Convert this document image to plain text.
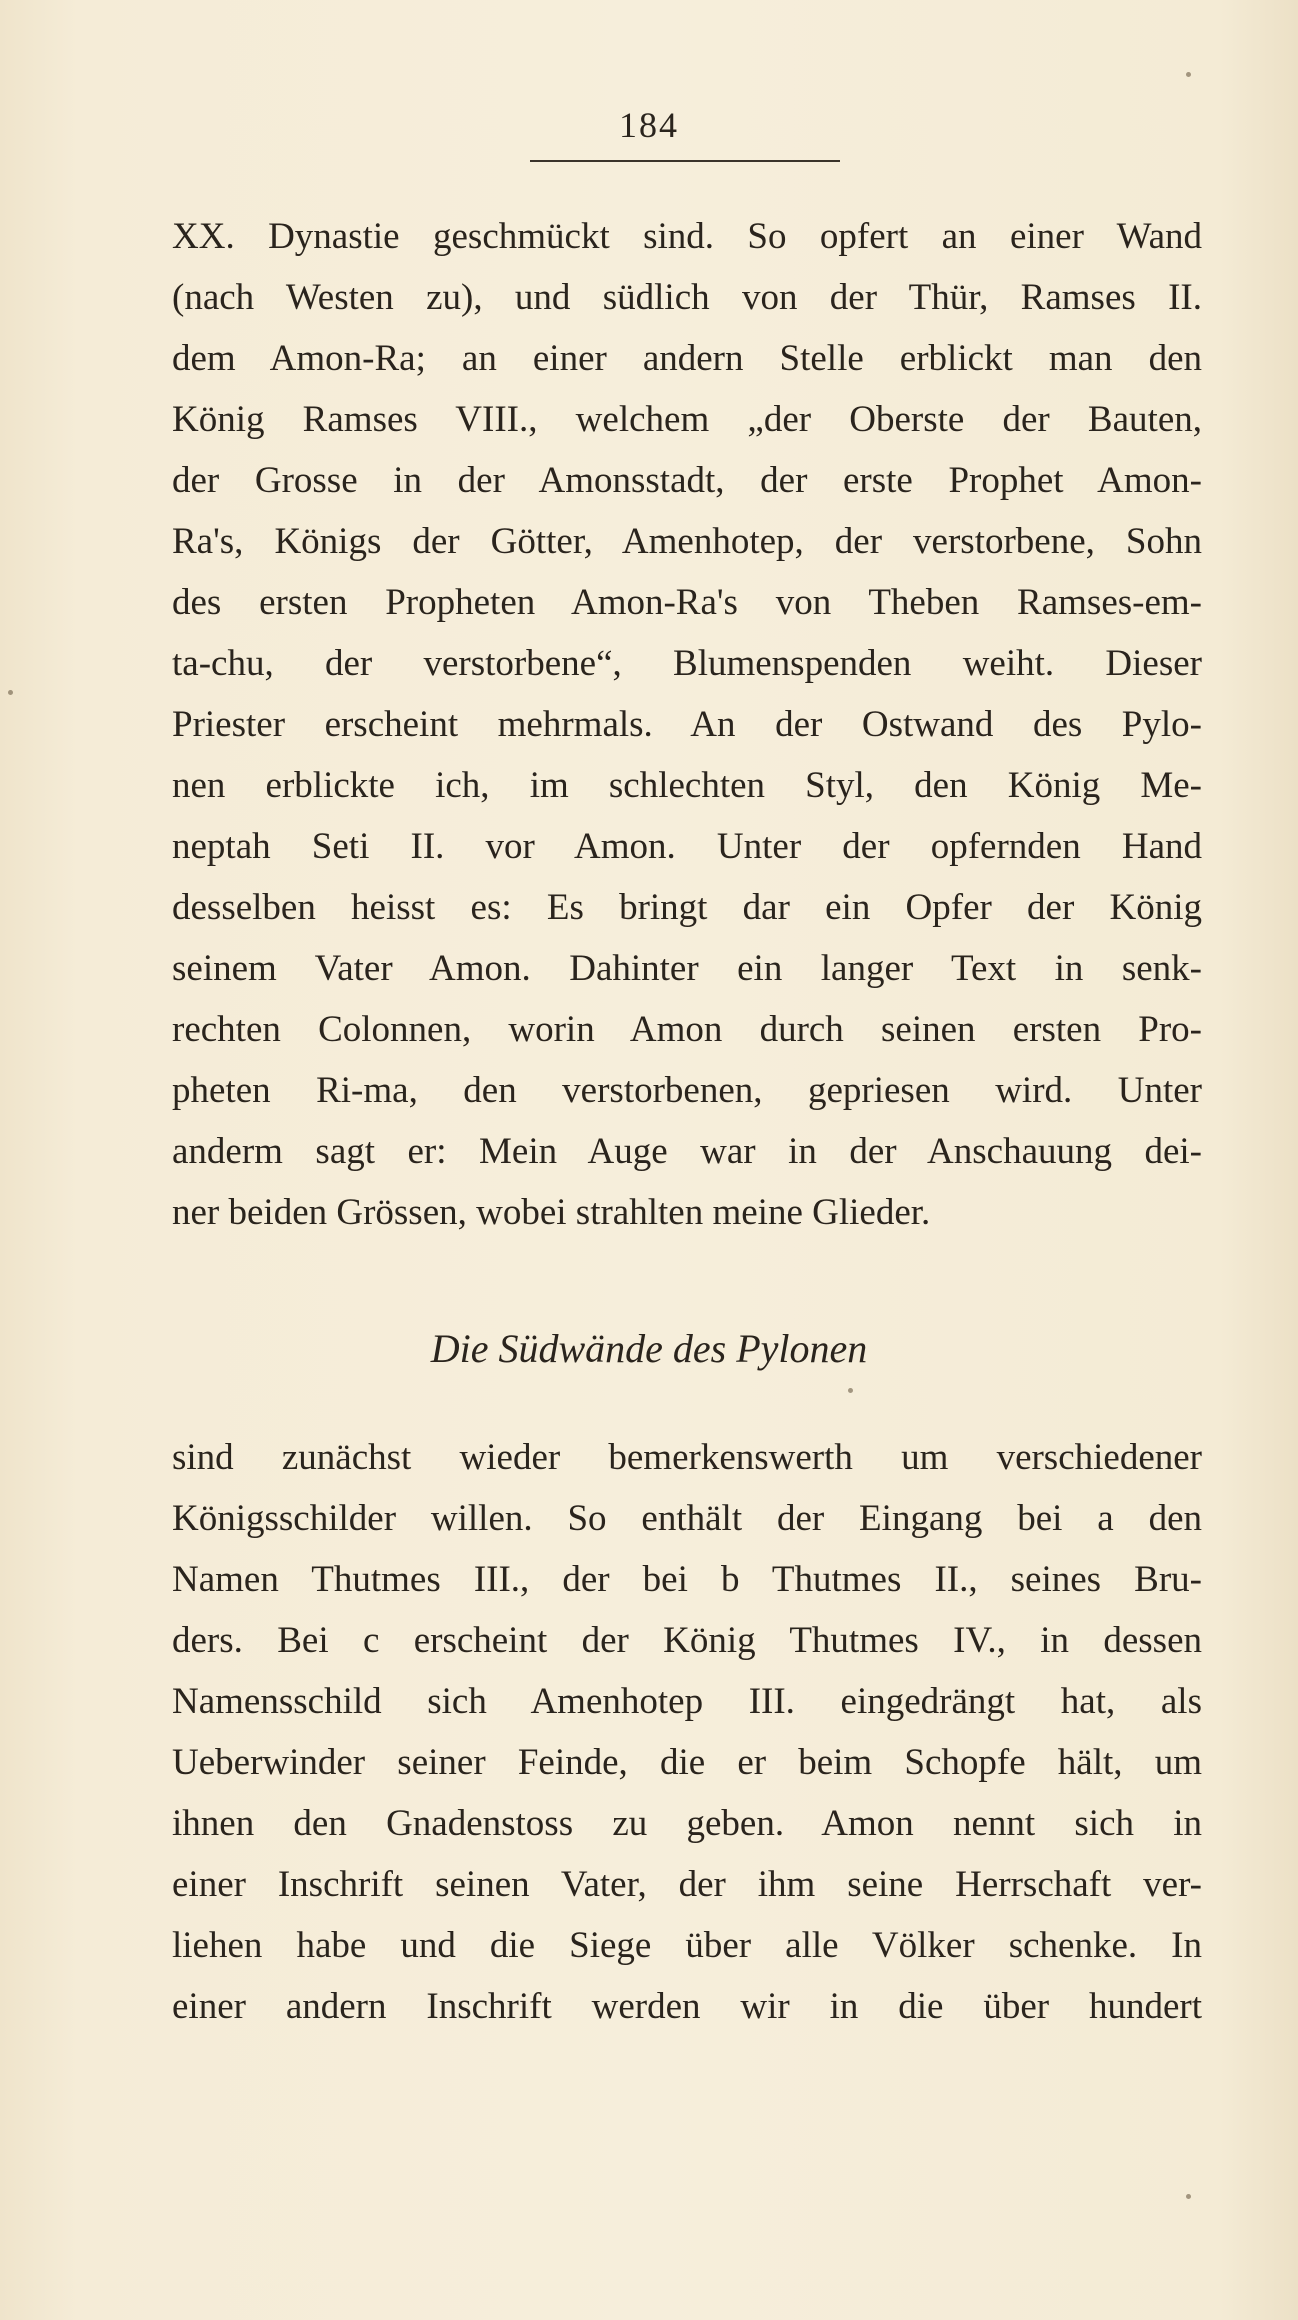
184
XX. Dynastie geschmückt sind. So opfert an einer Wand
(nach Westen zu), und südlich von der Thür, Ramses II.
dem Amon-Ra; an einer andern Stelle erblickt man den
König Ramses VIII., welchem „der Oberste der Bauten,
der Grosse in der Amonsstadt, der erste Prophet Amon-
Ra's, Königs der Götter, Amenhotep, der verstorbene, Sohn
des ersten Propheten Amon-Ra's von Theben Ramses-em-
ta-chu, der verstorbene“, Blumenspenden weiht. Dieser
Priester erscheint mehrmals. An der Ostwand des Pylo-
nen erblickte ich, im schlechten Styl, den König Me-
neptah Seti II. vor Amon. Unter der opfernden Hand
desselben heisst es: Es bringt dar ein Opfer der König
seinem Vater Amon. Dahinter ein langer Text in senk-
rechten Colonnen, worin Amon durch seinen ersten Pro-
pheten Ri-ma, den verstorbenen, gepriesen wird. Unter
anderm sagt er: Mein Auge war in der Anschauung dei-
ner beiden Grössen, wobei strahlten meine Glieder.
Die Südwände des Pylonen
sind zunächst wieder bemerkenswerth um verschiedener
Königsschilder willen. So enthält der Eingang bei a den
Namen Thutmes III., der bei b Thutmes II., seines Bru-
ders. Bei c erscheint der König Thutmes IV., in dessen
Namensschild sich Amenhotep III. eingedrängt hat, als
Ueberwinder seiner Feinde, die er beim Schopfe hält, um
ihnen den Gnadenstoss zu geben. Amon nennt sich in
einer Inschrift seinen Vater, der ihm seine Herrschaft ver-
liehen habe und die Siege über alle Völker schenke. In
einer andern Inschrift werden wir in die über hundert
